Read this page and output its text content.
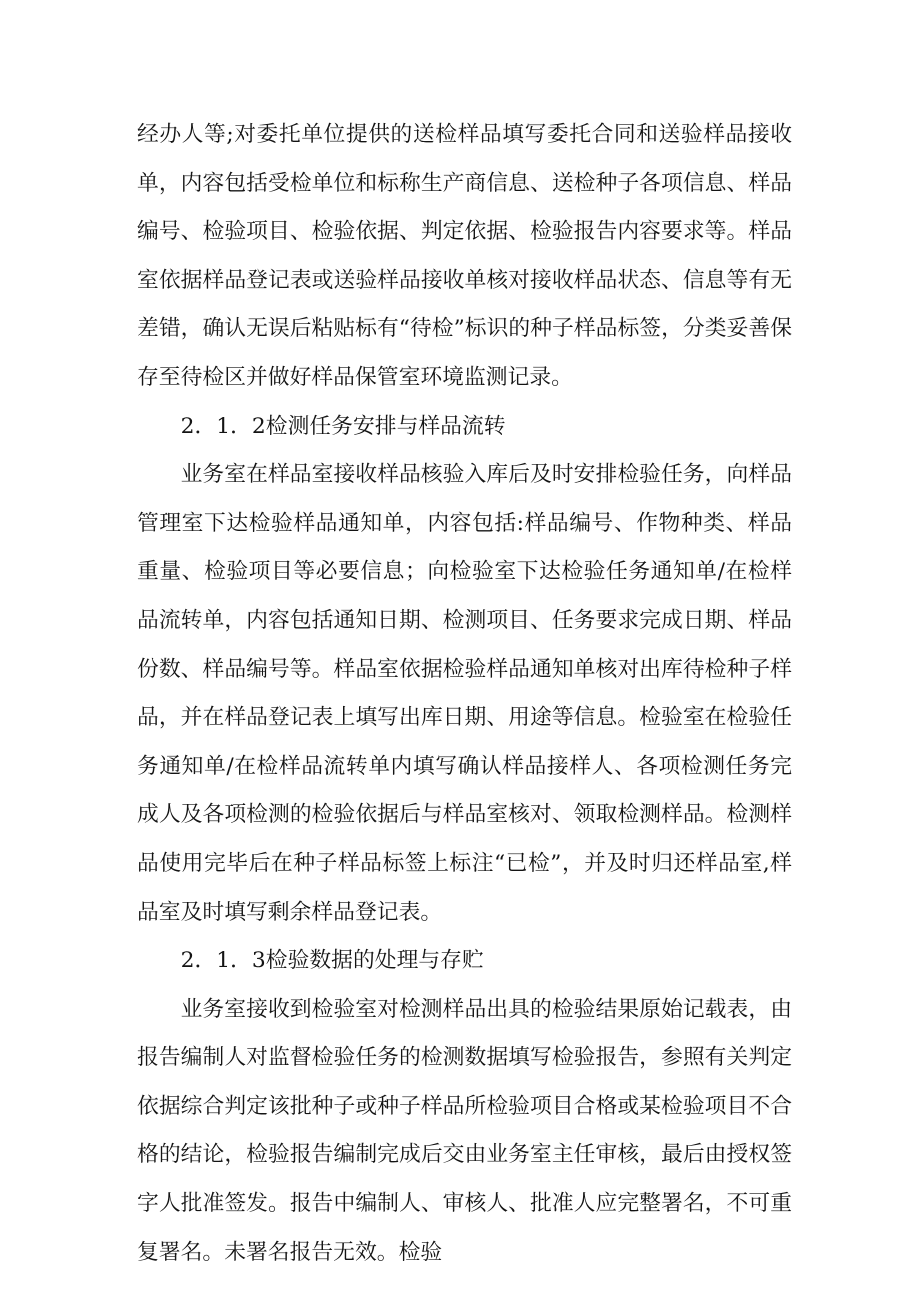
经办人等;对委托单位提供的送检样品填写委托合同和送验样品接收单，内容包括受检单位和标称生产商信息、送检种子各项信息、样品编号、检验项目、检验依据、判定依据、检验报告内容要求等。样品室依据样品登记表或送验样品接收单核对接收样品状态、信息等有无差错，确认无误后粘贴标有“待检”标识的种子样品标签，分类妥善保存至待检区并做好样品保管室环境监测记录。

2．1．2检测任务安排与样品流转

业务室在样品室接收样品核验入库后及时安排检验任务，向样品管理室下达检验样品通知单，内容包括:样品编号、作物种类、样品重量、检验项目等必要信息；向检验室下达检验任务通知单/在检样品流转单，内容包括通知日期、检测项目、任务要求完成日期、样品份数、样品编号等。样品室依据检验样品通知单核对出库待检种子样品，并在样品登记表上填写出库日期、用途等信息。检验室在检验任务通知单/在检样品流转单内填写确认样品接样人、各项检测任务完成人及各项检测的检验依据后与样品室核对、领取检测样品。检测样品使用完毕后在种子样品标签上标注“已检”，并及时归还样品室,样品室及时填写剩余样品登记表。

2．1．3检验数据的处理与存贮

业务室接收到检验室对检测样品出具的检验结果原始记载表，由报告编制人对监督检验任务的检测数据填写检验报告，参照有关判定依据综合判定该批种子或种子样品所检验项目合格或某检验项目不合格的结论，检验报告编制完成后交由业务室主任审核，最后由授权签字人批准签发。报告中编制人、审核人、批准人应完整署名，不可重复署名。未署名报告无效。检验
